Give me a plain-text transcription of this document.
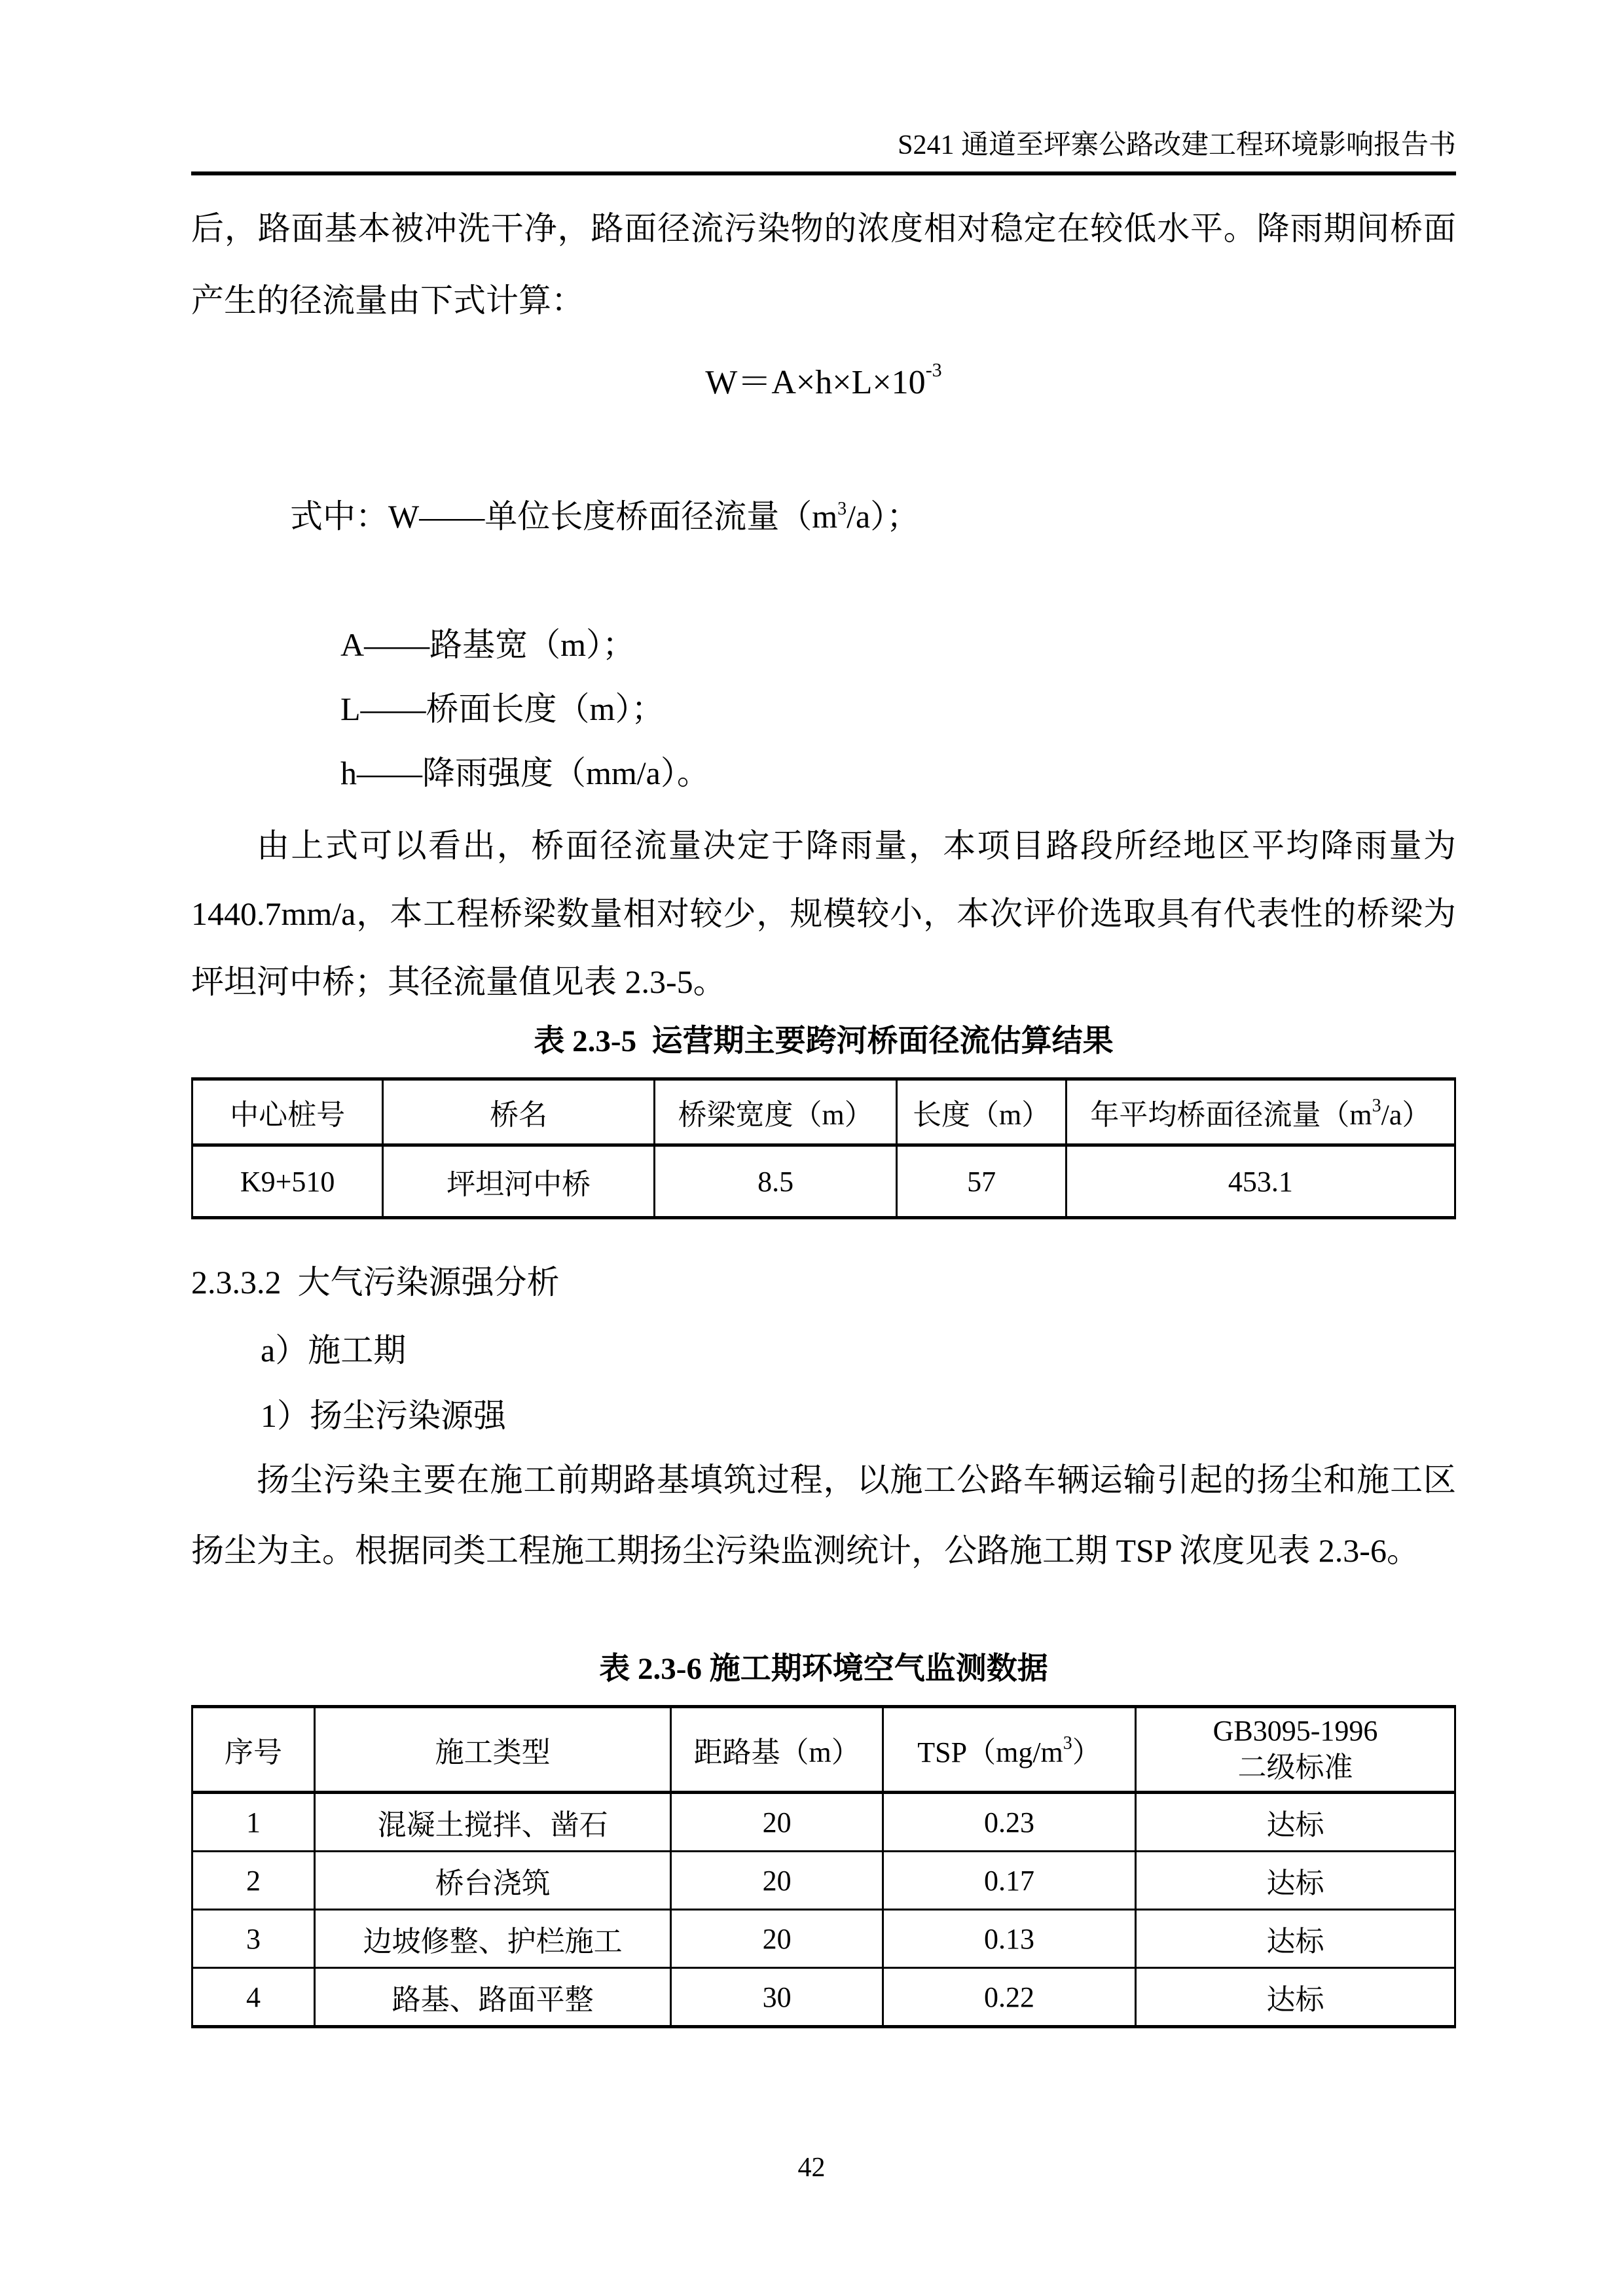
S241 通道至坪寨公路改建工程环境影响报告书

后，路面基本被冲洗干净，路面径流污染物的浓度相对稳定在较低水平。降雨期间桥面产生的径流量由下式计算：

$W=A\times h\times L\times 10^{-3}$

式中：W——单位长度桥面径流量$(m^3/a)$；

A——路基宽（m）；
L——桥面长度（m）；
h——降雨强度（mm/a）。

由上式可以看出，桥面径流量决定于降雨量，本项目路段所经地区平均降雨量为1440.7mm/a，本工程桥梁数量相对较少，规模较小，本次评价选取具有代表性的桥梁为坪坦河中桥；其径流量值见表 2.3-5。

表 2.3-5  运营期主要跨河桥面径流估算结果
中心桩号	桥名	桥梁宽度（m）	长度（m）	年平均桥面径流量$(m^3/a)$
K9+510	坪坦河中桥	8.5	57	453.1
2.3.3.2  大气污染源强分析
a）施工期
1）扬尘污染源强

扬尘污染主要在施工前期路基填筑过程，以施工公路车辆运输引起的扬尘和施工区扬尘为主。根据同类工程施工期扬尘污染监测统计，公路施工期 TSP 浓度见表 2.3-6。

表 2.3-6 施工期环境空气监测数据
序号	施工类型	距路基（m）	$TSP(mg/m^3)$	GB3095-1996
二级标准

1	混凝土搅拌、凿石	20	0.23	达标
2	桥台浇筑	20	0.17	达标
3	边坡修整、护栏施工	20	0.13	达标
4	路基、路面平整	30	0.22	达标
42
